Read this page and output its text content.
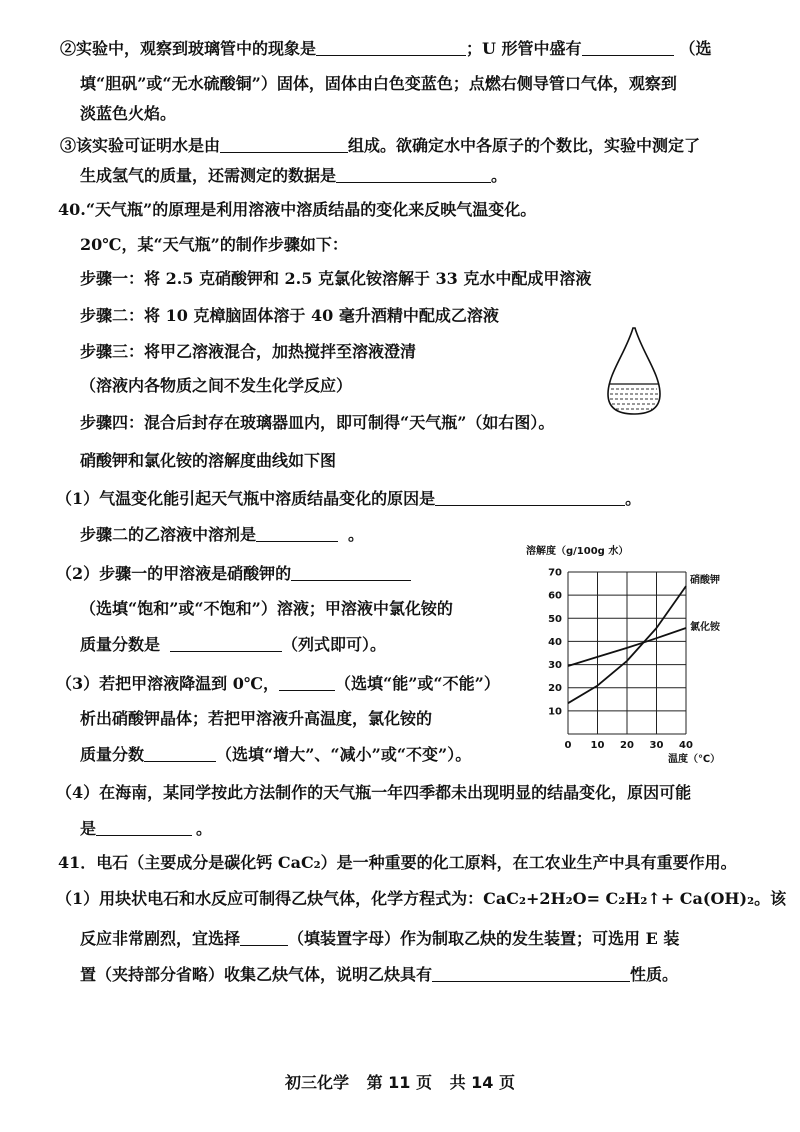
②实验中，观察到玻璃管中的现象是	；U 形管中盛有	（选
填“胆矾”或“无水硫酸铜”）固体，固体由白色变蓝色；点燃右侧导管口气体，观察到
淡蓝色火焰。
③该实验可证明水是由	组成。欲确定水中各原子的个数比，实验中测定了
生成氢气的质量，还需测定的数据是	。
40.“天气瓶”的原理是利用溶液中溶质结晶的变化来反映气温变化。
20℃，某“天气瓶”的制作步骤如下：
步骤一：将 2.5 克硝酸钾和 2.5 克氯化铵溶解于 33 克水中配成甲溶液
步骤二：将 10 克樟脑固体溶于 40 毫升酒精中配成乙溶液
步骤三：将甲乙溶液混合，加热搅拌至溶液澄清
（溶液内各物质之间不发生化学反应）
步骤四：混合后封存在玻璃器皿内，即可制得“天气瓶”（如右图）。
硝酸钾和氯化铵的溶解度曲线如下图
（1）气温变化能引起天气瓶中溶质结晶变化的原因是	。
步骤二的乙溶液中溶剂是	。
（2）步骤一的甲溶液是硝酸钾的
（选填“饱和”或“不饱和”）溶液；甲溶液中氯化铵的
质量分数是	（列式即可）。
（3）若把甲溶液降温到 0℃，	（选填“能”或“不能”）
析出硝酸钾晶体；若把甲溶液升高温度，氯化铵的
质量分数	（选填“增大”、“减小”或“不变”）。
（4）在海南，某同学按此方法制作的天气瓶一年四季都未出现明显的结晶变化，原因可能
是	。
41．电石（主要成分是碳化钙 CaC₂）是一种重要的化工原料，在工农业生产中具有重要作用。
（1）用块状电石和水反应可制得乙炔气体，化学方程式为：CaC₂+2H₂O= C₂H₂↑+ Ca(OH)₂。该
反应非常剧烈，宜选择	（填装置字母）作为制取乙炔的发生装置；可选用 E 装
置（夹持部分省略）收集乙炔气体，说明乙炔具有	性质。
溶解度（g/100g 水）
0 10 20 30 40
10
20
30
40
50
60
70
硝酸钾
氯化铵
温度（℃）
初三化学 第 11 页 共 14 页
